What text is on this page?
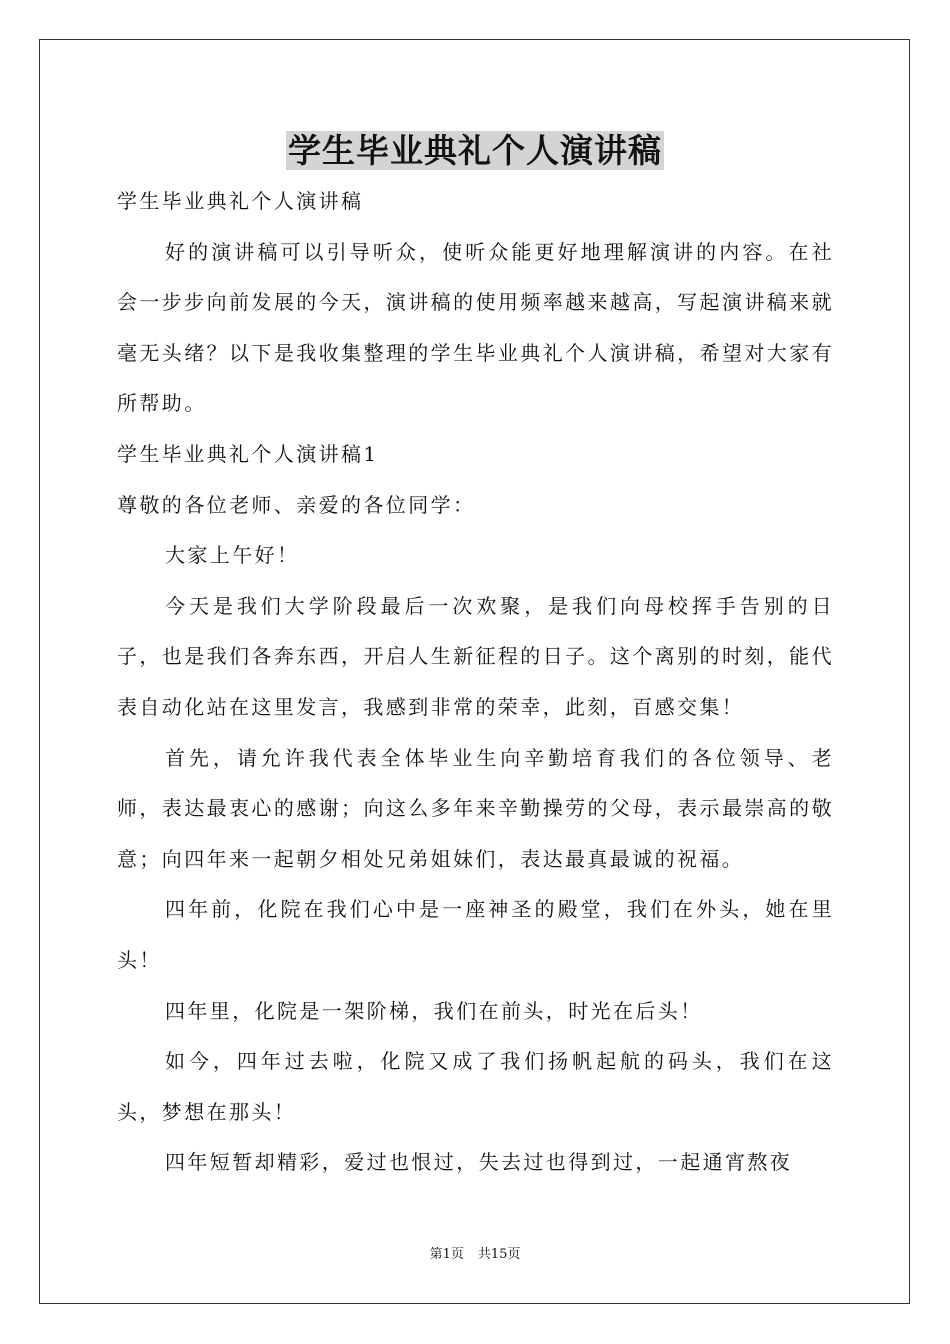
学生毕业典礼个人演讲稿

学生毕业典礼个人演讲稿

好的演讲稿可以引导听众，使听众能更好地理解演讲的内容。在社会一步步向前发展的今天，演讲稿的使用频率越来越高，写起演讲稿来就毫无头绪？以下是我收集整理的学生毕业典礼个人演讲稿，希望对大家有所帮助。

学生毕业典礼个人演讲稿1

尊敬的各位老师、亲爱的各位同学：

大家上午好！

今天是我们大学阶段最后一次欢聚，是我们向母校挥手告别的日子，也是我们各奔东西，开启人生新征程的日子。这个离别的时刻，能代表自动化站在这里发言，我感到非常的荣幸，此刻，百感交集！

首先，请允许我代表全体毕业生向辛勤培育我们的各位领导、老师，表达最衷心的感谢；向这么多年来辛勤操劳的父母，表示最崇高的敬意；向四年来一起朝夕相处兄弟姐妹们，表达最真最诚的祝福。

四年前，化院在我们心中是一座神圣的殿堂，我们在外头，她在里头！

四年里，化院是一架阶梯，我们在前头，时光在后头！

如今，四年过去啦，化院又成了我们扬帆起航的码头，我们在这头，梦想在那头！

四年短暂却精彩，爱过也恨过，失去过也得到过，一起通宵熬夜

第1页 共15页
